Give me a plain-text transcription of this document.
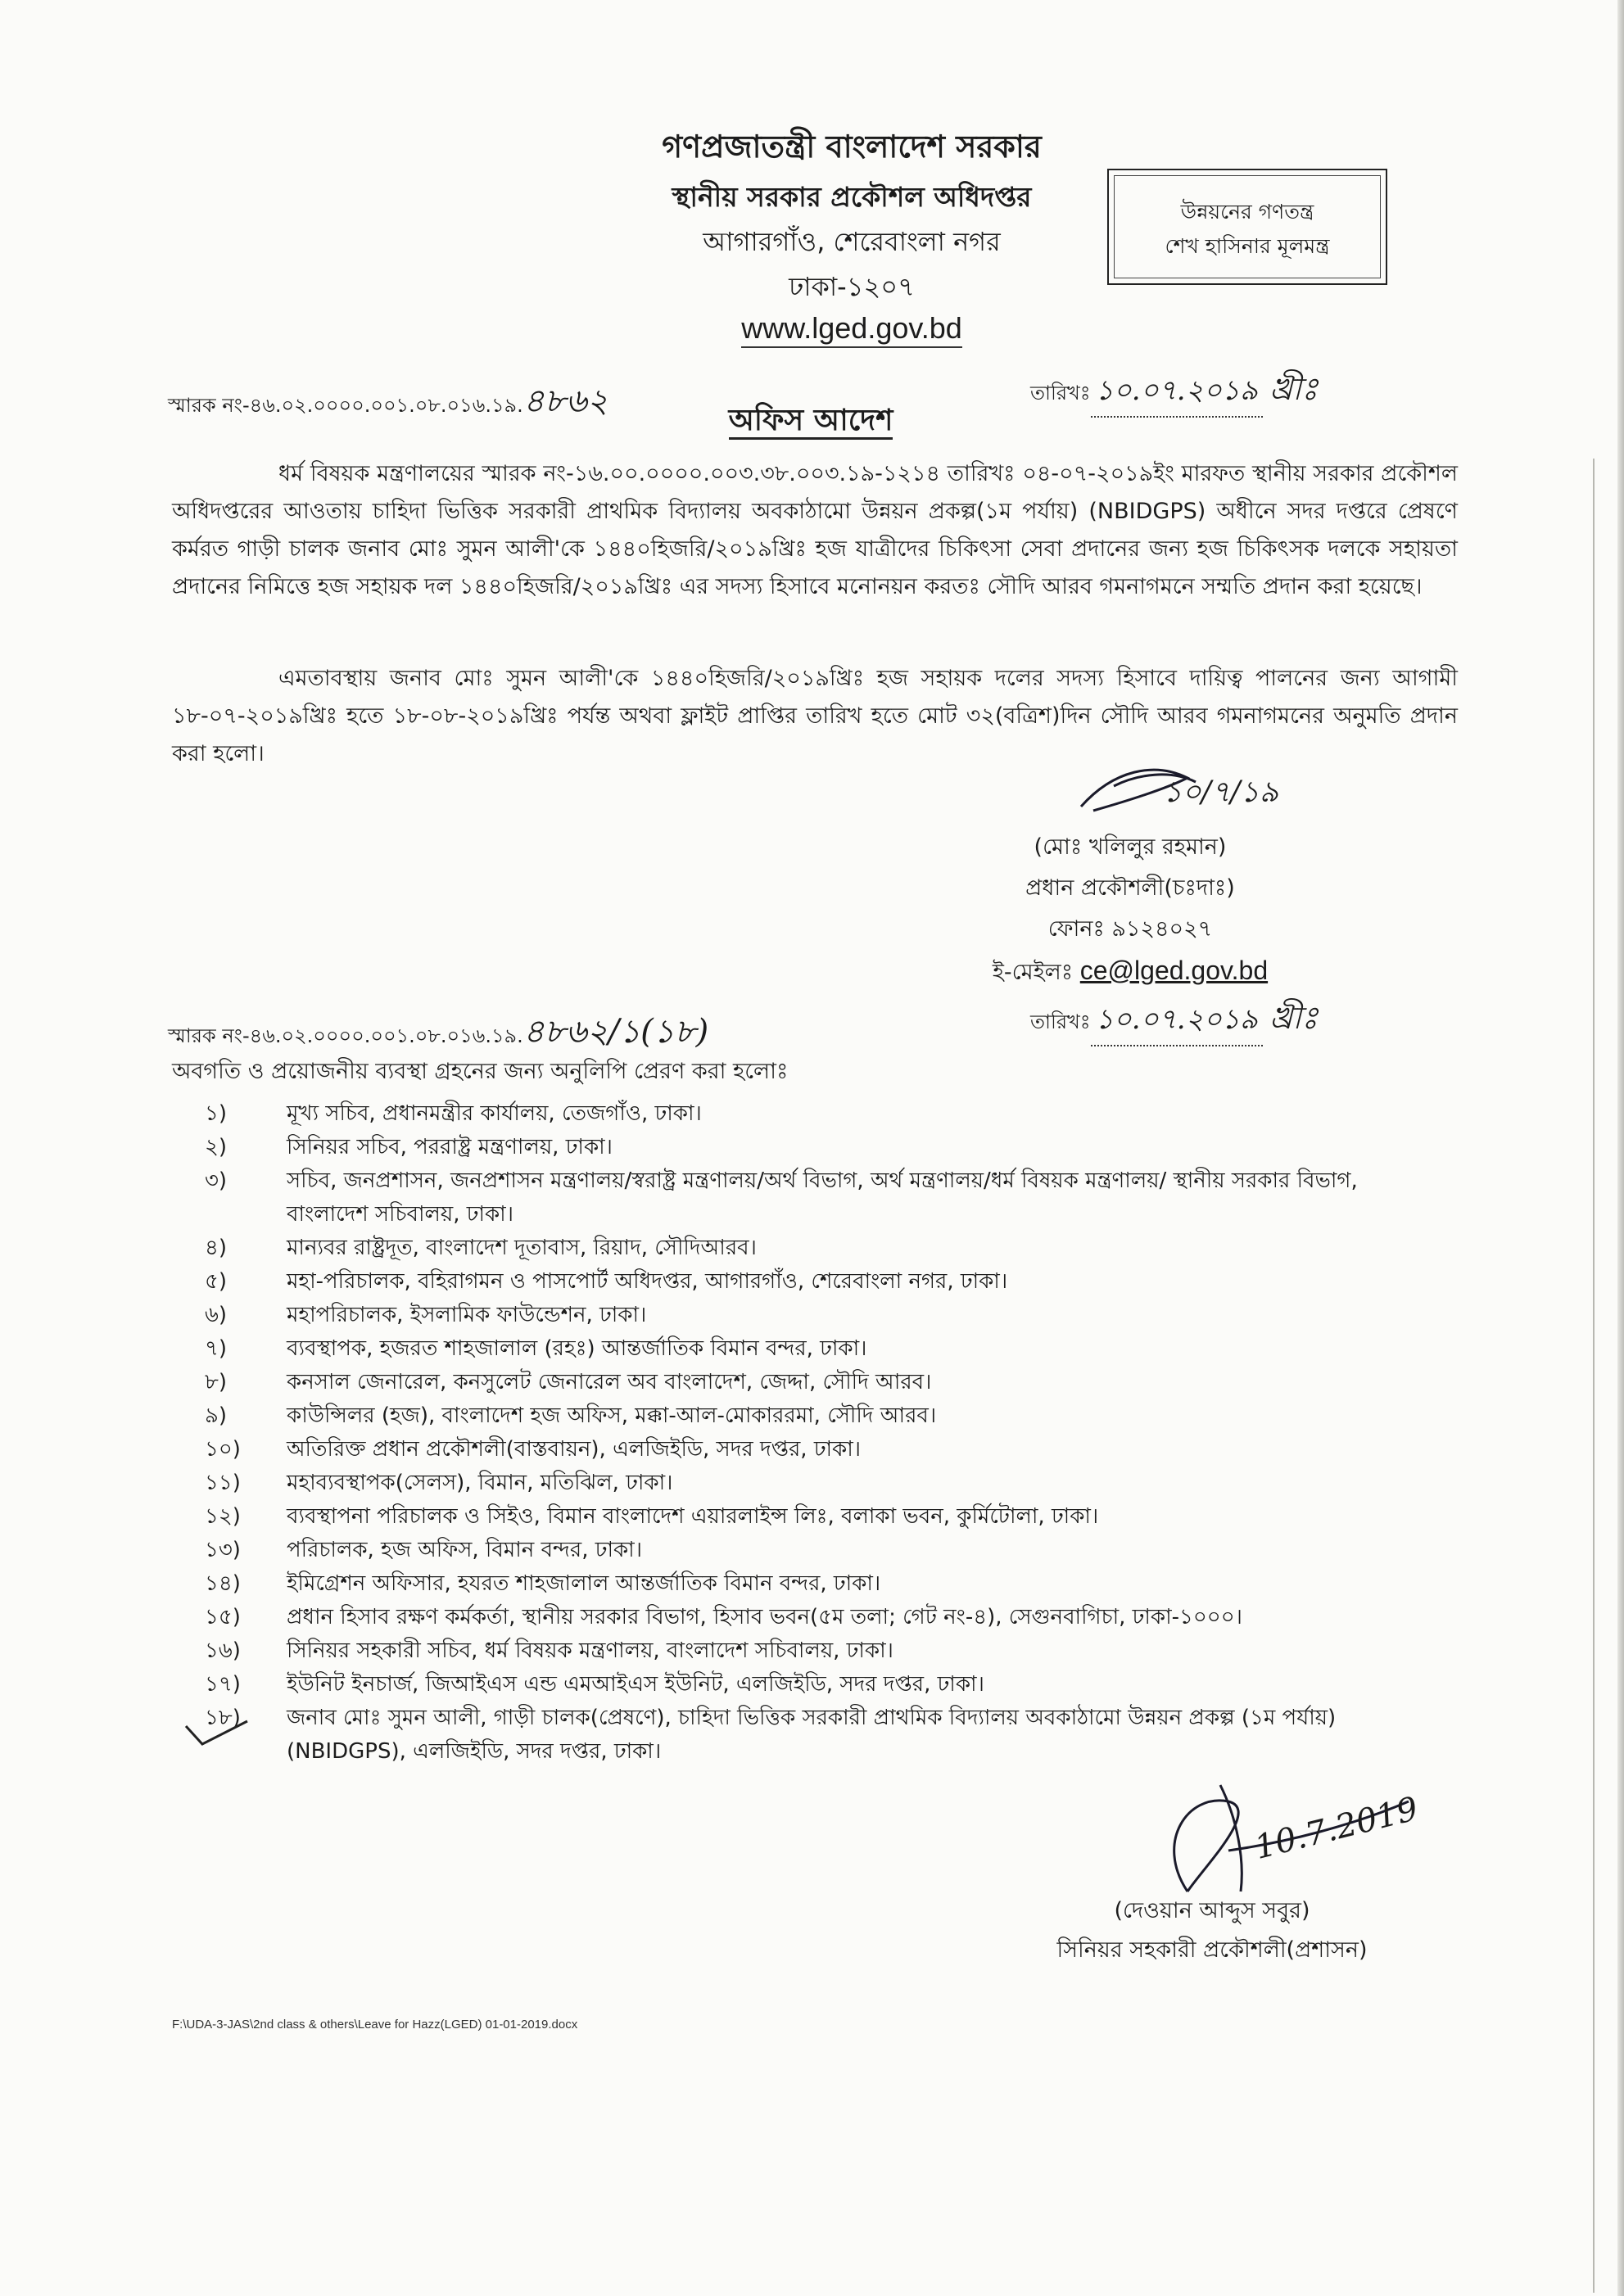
গণপ্রজাতন্ত্রী বাংলাদেশ সরকার
স্থানীয় সরকার প্রকৌশল অধিদপ্তর
আগারগাঁও, শেরেবাংলা নগর
ঢাকা-১২০৭
www.lged.gov.bd
উন্নয়নের গণতন্ত্র
শেখ হাসিনার মূলমন্ত্র
স্মারক নং-৪৬.০২.০০০০.০০১.০৮.০১৬.১৯.৪৮৬২	তারিখঃ ১০.০৭.২০১৯ খ্রীঃ
অফিস আদেশ

ধর্ম বিষয়ক মন্ত্রণালয়ের স্মারক নং-১৬.০০.০০০০.০০৩.৩৮.০০৩.১৯-১২১৪ তারিখঃ ০৪-০৭-২০১৯ইং মারফত স্থানীয় সরকার প্রকৌশল অধিদপ্তরের আওতায় চাহিদা ভিত্তিক সরকারী প্রাথমিক বিদ্যালয় অবকাঠামো উন্নয়ন প্রকল্প(১ম পর্যায়) (NBIDGPS) অধীনে সদর দপ্তরে প্রেষণে কর্মরত গাড়ী চালক জনাব মোঃ সুমন আলী'কে ১৪৪০হিজরি/২০১৯খ্রিঃ হজ যাত্রীদের চিকিৎসা সেবা প্রদানের জন্য হজ চিকিৎসক দলকে সহায়তা প্রদানের নিমিত্তে হজ সহায়ক দল ১৪৪০হিজরি/২০১৯খ্রিঃ এর সদস্য হিসাবে মনোনয়ন করতঃ সৌদি আরব গমনাগমনে সম্মতি প্রদান করা হয়েছে।

এমতাবস্থায় জনাব মোঃ সুমন আলী'কে ১৪৪০হিজরি/২০১৯খ্রিঃ হজ সহায়ক দলের সদস্য হিসাবে দায়িত্ব পালনের জন্য আগামী ১৮-০৭-২০১৯খ্রিঃ হতে ১৮-০৮-২০১৯খ্রিঃ পর্যন্ত অথবা ফ্লাইট প্রাপ্তির তারিখ হতে মোট ৩২(বত্রিশ)দিন সৌদি আরব গমনাগমনের অনুমতি প্রদান করা হলো।

১০/৭/১৯
(মোঃ খলিলুর রহমান)
প্রধান প্রকৌশলী(চঃদাঃ)
ফোনঃ ৯১২৪০২৭
ই-মেইলঃ ce@lged.gov.bd
স্মারক নং-৪৬.০২.০০০০.০০১.০৮.০১৬.১৯.৪৮৬২/১(১৮)	তারিখঃ ১০.০৭.২০১৯ খ্রীঃ
অবগতি ও প্রয়োজনীয় ব্যবস্থা গ্রহনের জন্য অনুলিপি প্রেরণ করা হলোঃ
১)	মূখ্য সচিব, প্রধানমন্ত্রীর কার্যালয়, তেজগাঁও, ঢাকা।
২)	সিনিয়র সচিব, পররাষ্ট্র মন্ত্রণালয়, ঢাকা।
৩)	সচিব, জনপ্রশাসন, জনপ্রশাসন মন্ত্রণালয়/স্বরাষ্ট্র মন্ত্রণালয়/অর্থ বিভাগ, অর্থ মন্ত্রণালয়/ধর্ম বিষয়ক মন্ত্রণালয়/ স্থানীয় সরকার বিভাগ, বাংলাদেশ সচিবালয়, ঢাকা।
৪)	মান্যবর রাষ্ট্রদূত, বাংলাদেশ দূতাবাস, রিয়াদ, সৌদিআরব।
৫)	মহা-পরিচালক, বহিরাগমন ও পাসপোর্ট অধিদপ্তর, আগারগাঁও, শেরেবাংলা নগর, ঢাকা।
৬)	মহাপরিচালক, ইসলামিক ফাউন্ডেশন, ঢাকা।
৭)	ব্যবস্থাপক, হজরত শাহজালাল (রহঃ) আন্তর্জাতিক বিমান বন্দর, ঢাকা।
৮)	কনসাল জেনারেল, কনসুলেট জেনারেল অব বাংলাদেশ, জেদ্দা, সৌদি আরব।
৯)	কাউন্সিলর (হজ), বাংলাদেশ হজ অফিস, মক্কা-আল-মোকাররমা, সৌদি আরব।
১০)	অতিরিক্ত প্রধান প্রকৌশলী(বাস্তবায়ন), এলজিইডি, সদর দপ্তর, ঢাকা।
১১)	মহাব্যবস্থাপক(সেলস), বিমান, মতিঝিল, ঢাকা।
১২)	ব্যবস্থাপনা পরিচালক ও সিইও, বিমান বাংলাদেশ এয়ারলাইন্স লিঃ, বলাকা ভবন, কুর্মিটোলা, ঢাকা।
১৩)	পরিচালক, হজ অফিস, বিমান বন্দর, ঢাকা।
১৪)	ইমিগ্রেশন অফিসার, হযরত শাহজালাল আন্তর্জাতিক বিমান বন্দর, ঢাকা।
১৫)	প্রধান হিসাব রক্ষণ কর্মকর্তা, স্থানীয় সরকার বিভাগ, হিসাব ভবন(৫ম তলা; গেট নং-৪), সেগুনবাগিচা, ঢাকা-১০০০।
১৬)	সিনিয়র সহকারী সচিব, ধর্ম বিষয়ক মন্ত্রণালয়, বাংলাদেশ সচিবালয়, ঢাকা।
১৭)	ইউনিট ইনচার্জ, জিআইএস এন্ড এমআইএস ইউনিট, এলজিইডি, সদর দপ্তর, ঢাকা।
১৮)	জনাব মোঃ সুমন আলী, গাড়ী চালক(প্রেষণে), চাহিদা ভিত্তিক সরকারী প্রাথমিক বিদ্যালয় অবকাঠামো উন্নয়ন প্রকল্প (১ম পর্যায়) (NBIDGPS), এলজিইডি, সদর দপ্তর, ঢাকা।
10.7.2019
(দেওয়ান আব্দুস সবুর)
সিনিয়র সহকারী প্রকৌশলী(প্রশাসন)
F:\UDA-3-JAS\2nd class & others\Leave for Hazz(LGED) 01-01-2019.docx
